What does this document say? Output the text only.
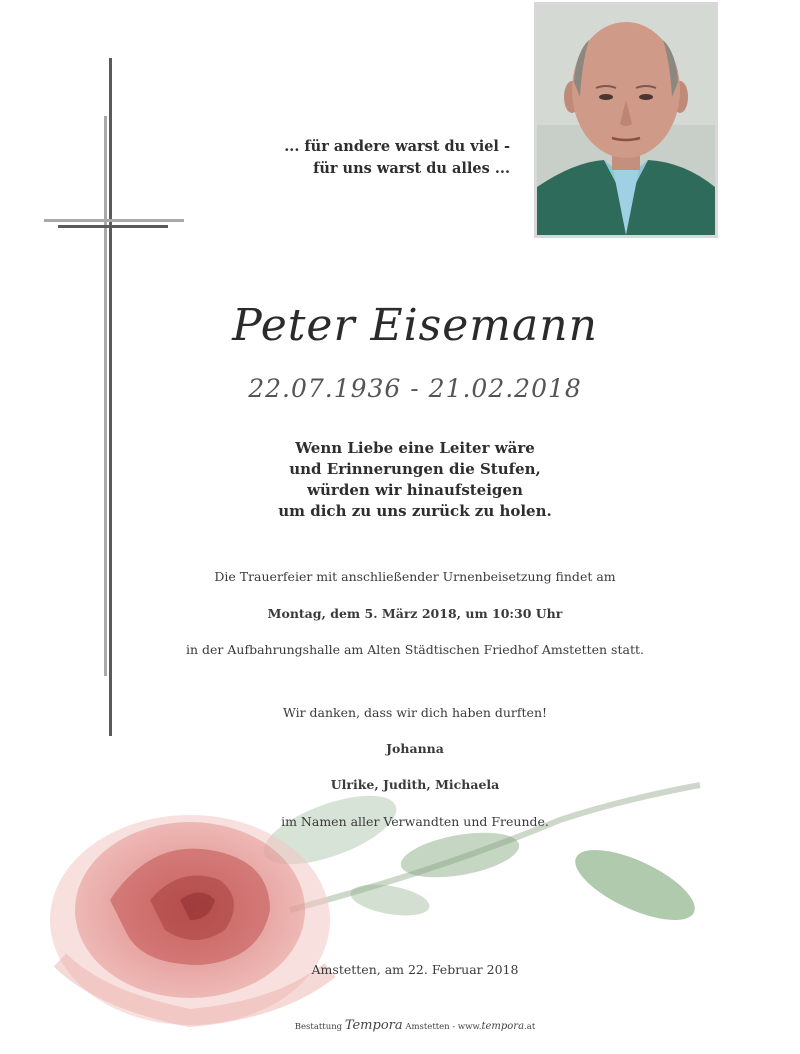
... für andere warst du viel -
für uns warst du alles ...
Peter Eisemann
22.07.1936 - 21.02.2018
Wenn Liebe eine Leiter wäre
und Erinnerungen die Stufen,
würden wir hinaufsteigen
um dich zu uns zurück zu holen.
Die Trauerfeier mit anschließender Urnenbeisetzung findet am
Montag, dem 5. März 2018, um 10:30 Uhr
in der Aufbahrungshalle am Alten Städtischen Friedhof Amstetten statt.
Wir danken, dass wir dich haben durften!
Johanna
Ulrike, Judith, Michaela
im Namen aller Verwandten und Freunde.
Amstetten, am 22. Februar 2018
Bestattung Tempora Amstetten - www.tempora.at
